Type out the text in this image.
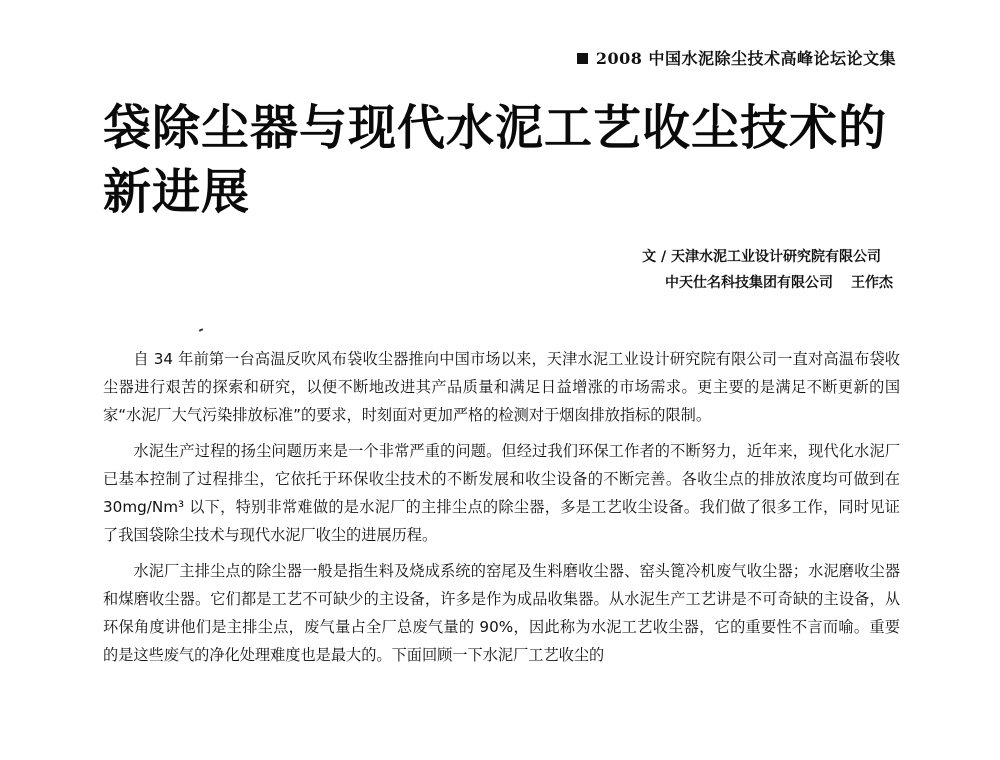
2008 中国水泥除尘技术高峰论坛论文集
袋除尘器与现代水泥工艺收尘技术的
新进展
文 / 天津水泥工业设计研究院有限公司
中天仕名科技集团有限公司 王作杰

自 34 年前第一台高温反吹风布袋收尘器推向中国市场以来，天津水泥工业设计研究院有限公司一直对高温布袋收尘器进行艰苦的探索和研究，以便不断地改进其产品质量和满足日益增涨的市场需求。更主要的是满足不断更新的国家“水泥厂大气污染排放标准”的要求，时刻面对更加严格的检测对于烟囱排放指标的限制。

水泥生产过程的扬尘问题历来是一个非常严重的问题。但经过我们环保工作者的不断努力，近年来，现代化水泥厂已基本控制了过程排尘，它依托于环保收尘技术的不断发展和收尘设备的不断完善。各收尘点的排放浓度均可做到在 30mg/Nm³ 以下，特别非常难做的是水泥厂的主排尘点的除尘器，多是工艺收尘设备。我们做了很多工作，同时见证了我国袋除尘技术与现代水泥厂收尘的进展历程。

水泥厂主排尘点的除尘器一般是指生料及烧成系统的窑尾及生料磨收尘器、窑头篦冷机废气收尘器；水泥磨收尘器和煤磨收尘器。它们都是工艺不可缺少的主设备，许多是作为成品收集器。从水泥生产工艺讲是不可奇缺的主设备，从环保角度讲他们是主排尘点，废气量占全厂总废气量的 90%，因此称为水泥工艺收尘器，它的重要性不言而喻。重要的是这些废气的净化处理难度也是最大的。下面回顾一下水泥厂工艺收尘的
